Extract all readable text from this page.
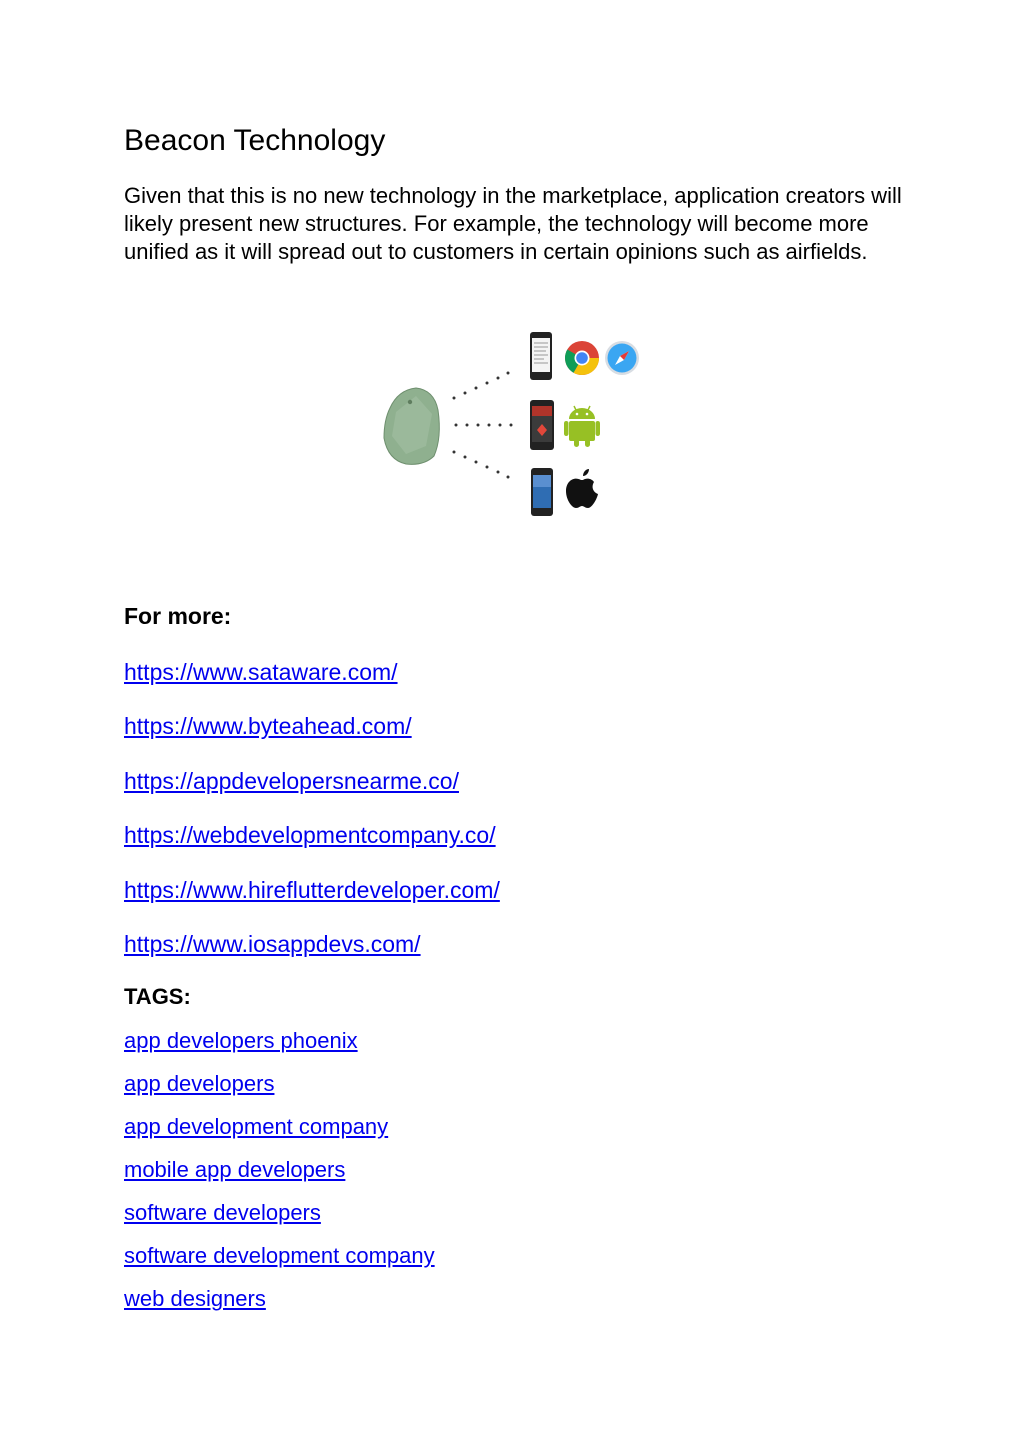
Beacon Technology

Given that this is no new technology in the marketplace, application creators will likely present new structures. For example, the technology will become more unified as it will spread out to customers in certain opinions such as airfields.

For more:
https://www.sataware.com/
https://www.byteahead.com/
https://appdevelopersnearme.co/
https://webdevelopmentcompany.co/
https://www.hireflutterdeveloper.com/
https://www.iosappdevs.com/
TAGS:
app developers phoenix
app developers
app development company
mobile app developers
software developers
software development company
web designers
